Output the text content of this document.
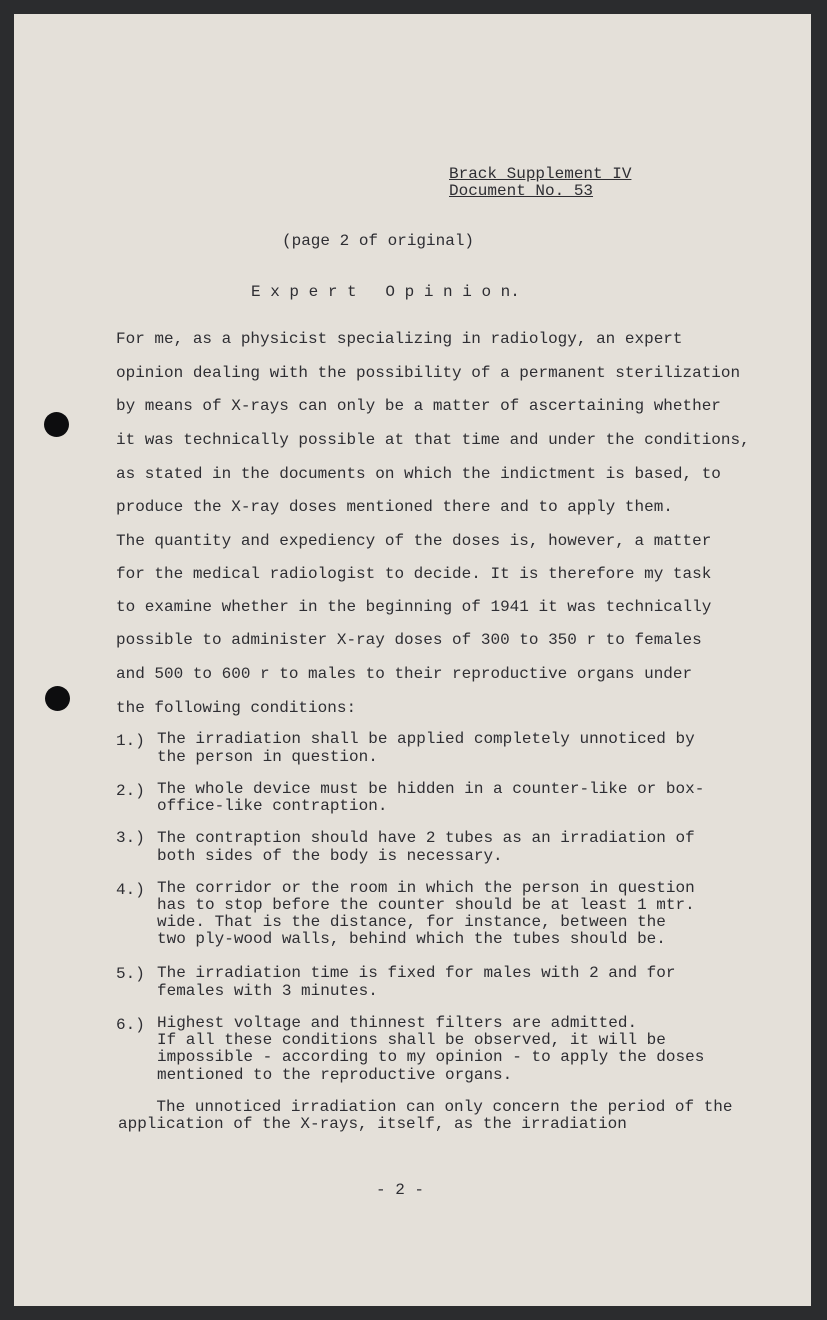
Brack Supplement IV

Document No. 53

(page 2 of original)

E x p e r t   O p i n i o n.

For me, as a physicist specializing in radiology, an expert

opinion dealing with the possibility of a permanent sterilization

by means of X-rays can only be a matter of ascertaining whether

it was technically possible at that time and under the conditions,

as stated in the documents on which the indictment is based, to

produce the X-ray doses mentioned there and to apply them.

The quantity and expediency of the doses is, however, a matter

for the medical radiologist to decide. It is therefore my task

to examine whether in the beginning of 1941 it was technically

possible to administer X-ray doses of 300 to 350 r to females

and 500 to 600 r to males to their reproductive organs under

the following conditions:

1.) The irradiation shall be applied completely unnoticed by

the person in question.

2.) The whole device must be hidden in a counter-like or box-

office-like contraption.

3.) The contraption should have 2 tubes as an irradiation of

both sides of the body is necessary.

4.) The corridor or the room in which the person in question

has to stop before the counter should be at least 1 mtr.

wide. That is the distance, for instance, between the

two ply-wood walls, behind which the tubes should be.

5.) The irradiation time is fixed for males with 2 and for

females with 3 minutes.

6.) Highest voltage and thinnest filters are admitted.

If all these conditions shall be observed, it will be

impossible - according to my opinion - to apply the doses

mentioned to the reproductive organs.

The unnoticed irradiation can only concern the period of the

application of the X-rays, itself, as the irradiation

- 2 -
